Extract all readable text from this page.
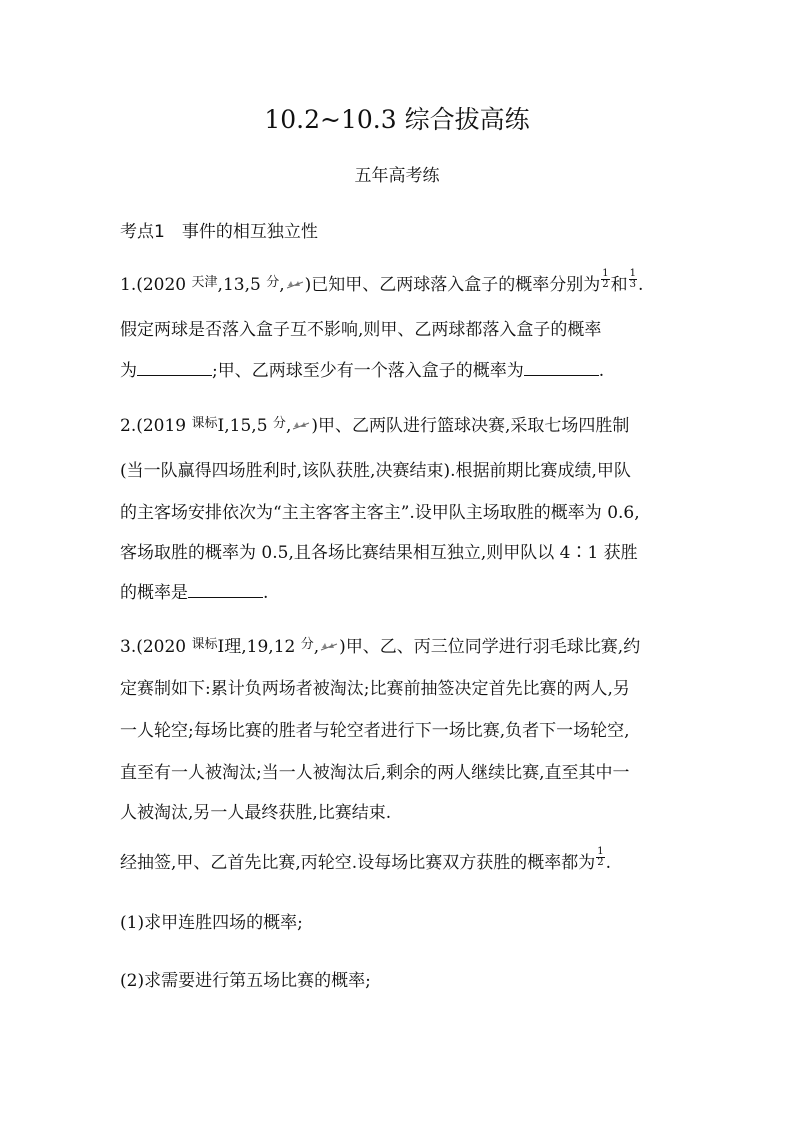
10.2~10.3 综合拔高练
五年高考练
考点1　事件的相互独立性
1.(2020 $^{天津}$,13,5 $^分$, )已知甲、乙两球落入盒子的概率分别为 $\frac{1}{2}$ 和 $\frac{1}{3}$ .
假定两球是否落入盒子互不影响,则甲、乙两球都落入盒子的概率
为	;甲、乙两球至少有一个落入盒子的概率为	.
2.(2019 $^{课标}$Ⅰ,15,5 $^分$, )甲、乙两队进行篮球决赛,采取七场四胜制
(当一队赢得四场胜利时,该队获胜,决赛结束).根据前期比赛成绩,甲队
的主客场安排依次为“主主客客主客主”.设甲队主场取胜的概率为 0.6,
客场取胜的概率为 0.5,且各场比赛结果相互独立,则甲队以 4∶1 获胜
的概率是	.
3.(2020 $^{课标}$Ⅰ理,19,12 $^分$, )甲、乙、丙三位同学进行羽毛球比赛,约
定赛制如下:累计负两场者被淘汰;比赛前抽签决定首先比赛的两人,另
一人轮空;每场比赛的胜者与轮空者进行下一场比赛,负者下一场轮空,
直至有一人被淘汰;当一人被淘汰后,剩余的两人继续比赛,直至其中一
人被淘汰,另一人最终获胜,比赛结束.
经抽签,甲、乙首先比赛,丙轮空.设每场比赛双方获胜的概率都为 $\frac{1}{2}$ .
(1)求甲连胜四场的概率;
(2)求需要进行第五场比赛的概率;
